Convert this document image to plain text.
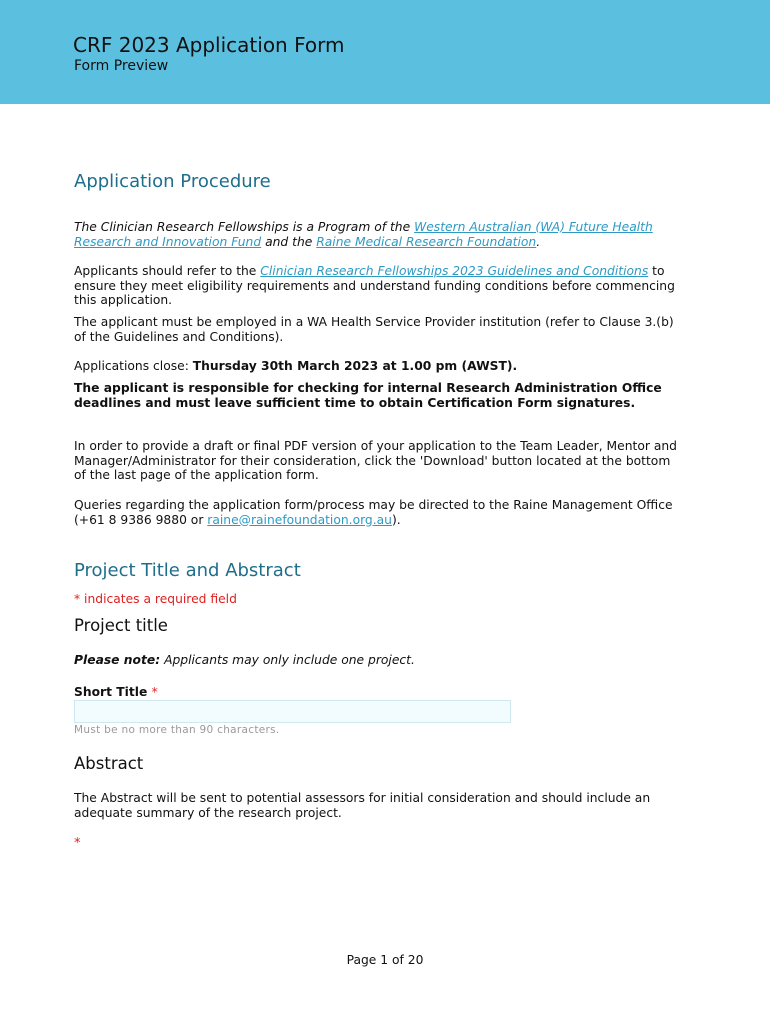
CRF 2023 Application Form
Form Preview
Application Procedure
The Clinician Research Fellowships is a Program of the Western Australian (WA) Future Health Research and Innovation Fund and the Raine Medical Research Foundation.
Applicants should refer to the Clinician Research Fellowships 2023 Guidelines and Conditions to ensure they meet eligibility requirements and understand funding conditions before commencing this application.
The applicant must be employed in a WA Health Service Provider institution (refer to Clause 3.(b) of the Guidelines and Conditions).
Applications close: Thursday 30th March 2023 at 1.00 pm (AWST).
The applicant is responsible for checking for internal Research Administration Office deadlines and must leave sufficient time to obtain Certification Form signatures.
In order to provide a draft or final PDF version of your application to the Team Leader, Mentor and Manager/Administrator for their consideration, click the 'Download' button located at the bottom of the last page of the application form.
Queries regarding the application form/process may be directed to the Raine Management Office (+61 8 9386 9880 or raine@rainefoundation.org.au).
Project Title and Abstract
* indicates a required field
Project title
Please note: Applicants may only include one project.
Short Title *
Must be no more than 90 characters.
Abstract
The Abstract will be sent to potential assessors for initial consideration and should include an adequate summary of the research project.
*
Page 1 of 20
